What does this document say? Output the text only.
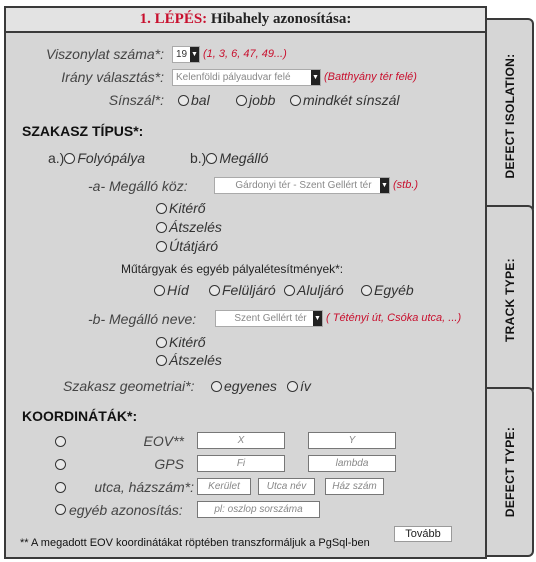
1. LÉPÉS: Hibahely azonosítása:
Viszonylat száma*:	19 ▼ (1, 3, 6, 47, 49...)
Irány választás*:	Kelenföldi pályaudvar felé	▼ (Batthyány tér felé)
Sínszál*:	bal	jobb	mindkét sínszál
SZAKASZ TÍPUS*:
a.) Folyópálya	b.) Megálló
-a- Megálló köz:	Gárdonyi tér - Szent Gellért tér ▼ (stb.)
Kitérő
Átszelés
Útátjáró
Műtárgyak és egyéb pályalétesítmények*:
Híd	Felüljáró	Aluljáró	Egyéb
-b- Megálló neve:	Szent Gellért tér ▼ ( Tétényi út, Csóka utca, ...)
Kitérő
Átszelés
Szakasz geometriai*:	egyenes	ív
KOORDINÁTÁK*:
EOV**	X	Y
GPS	Fi	lambda
utca, házszám*:	Kerület	Utca név	Ház szám
egyéb azonosítás:	pl: oszlop sorszáma
** A megadott EOV koordinátákat röptében transzformáljuk a PgSql-ben
Tovább
DEFECT ISOLATION:
TRACK TYPE:
DEFECT TYPE:
